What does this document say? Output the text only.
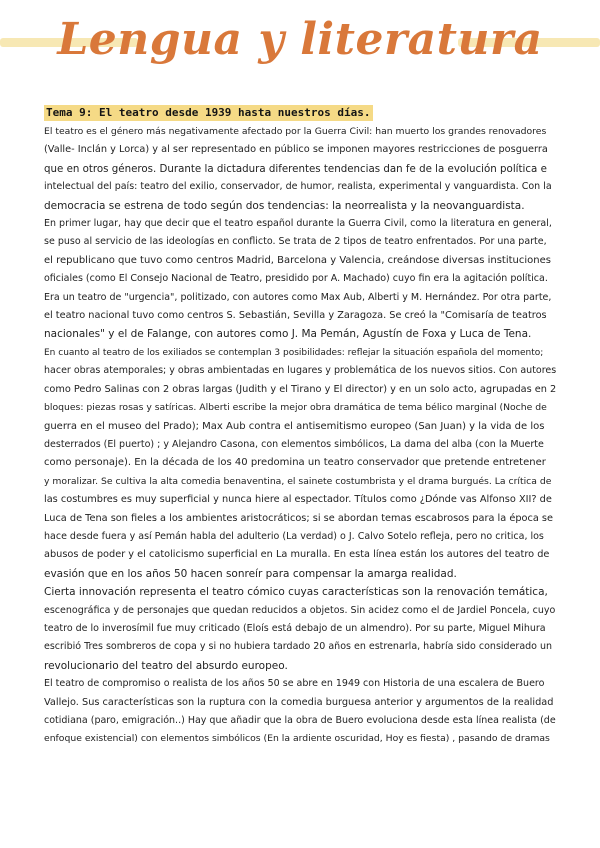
Lengua y literatura
Tema 9: El teatro desde 1939 hasta nuestros días.

El teatro es el género más negativamente afectado por la Guerra Civil: han muerto los grandes renovadores
(Valle- Inclán y Lorca) y al ser representado en público se imponen mayores restricciones de posguerra
que en otros géneros. Durante la dictadura diferentes tendencias dan fe de la evolución política e
intelectual del país: teatro del exilio, conservador, de humor, realista, experimental y vanguardista. Con la
democracia se estrena de todo según dos tendencias: la neorrealista y la neovanguardista.

En primer lugar, hay que decir que el teatro español durante la Guerra Civil, como la literatura en general,
se puso al servicio de las ideologías en conflicto. Se trata de 2 tipos de teatro enfrentados. Por una parte,
el republicano que tuvo como centros Madrid, Barcelona y Valencia, creándose diversas instituciones
oficiales (como El Consejo Nacional de Teatro, presidido por A. Machado) cuyo fin era la agitación política.
Era un teatro de "urgencia", politizado, con autores como Max Aub, Alberti y M. Hernández. Por otra parte,
el teatro nacional tuvo como centros S. Sebastián, Sevilla y Zaragoza. Se creó la "Comisaría de teatros
nacionales" y el de Falange, con autores como J. Ma Pemán, Agustín de Foxa y Luca de Tena.

En cuanto al teatro de los exiliados se contemplan 3 posibilidades: reflejar la situación española del momento;
hacer obras atemporales; y obras ambientadas en lugares y problemática de los nuevos sitios. Con autores
como Pedro Salinas con 2 obras largas (Judith y el Tirano y El director) y en un solo acto, agrupadas en 2
bloques: piezas rosas y satíricas. Alberti escribe la mejor obra dramática de tema bélico marginal (Noche de
guerra en el museo del Prado); Max Aub contra el antisemitismo europeo (San Juan) y la vida de los
desterrados (El puerto) ; y Alejandro Casona, con elementos simbólicos, La dama del alba (con la Muerte
como personaje). En la década de los 40 predomina un teatro conservador que pretende entretener
y moralizar. Se cultiva la alta comedia benaventina, el sainete costumbrista y el drama burgués. La crítica de
las costumbres es muy superficial y nunca hiere al espectador. Títulos como ¿Dónde vas Alfonso XII? de
Luca de Tena son fieles a los ambientes aristocráticos; si se abordan temas escabrosos para la época se
hace desde fuera y así Pemán habla del adulterio (La verdad) o J. Calvo Sotelo refleja, pero no critica, los
abusos de poder y el catolicismo superficial en La muralla. En esta línea están los autores del teatro de
evasión que en los años 50 hacen sonreír para compensar la amarga realidad.

Cierta innovación representa el teatro cómico cuyas características son la renovación temática,
escenográfica y de personajes que quedan reducidos a objetos. Sin acidez como el de Jardiel Poncela, cuyo
teatro de lo inverosímil fue muy criticado (Eloís está debajo de un almendro). Por su parte, Miguel Mihura
escribió Tres sombreros de copa y si no hubiera tardado 20 años en estrenarla, habría sido considerado un
revolucionario del teatro del absurdo europeo.

El teatro de compromiso o realista de los años 50 se abre en 1949 con Historia de una escalera de Buero
Vallejo. Sus características son la ruptura con la comedia burguesa anterior y argumentos de la realidad
cotidiana (paro, emigración..) Hay que añadir que la obra de Buero evoluciona desde esta línea realista (de
enfoque existencial) con elementos simbólicos (En la ardiente oscuridad, Hoy es fiesta) , pasando de dramas
